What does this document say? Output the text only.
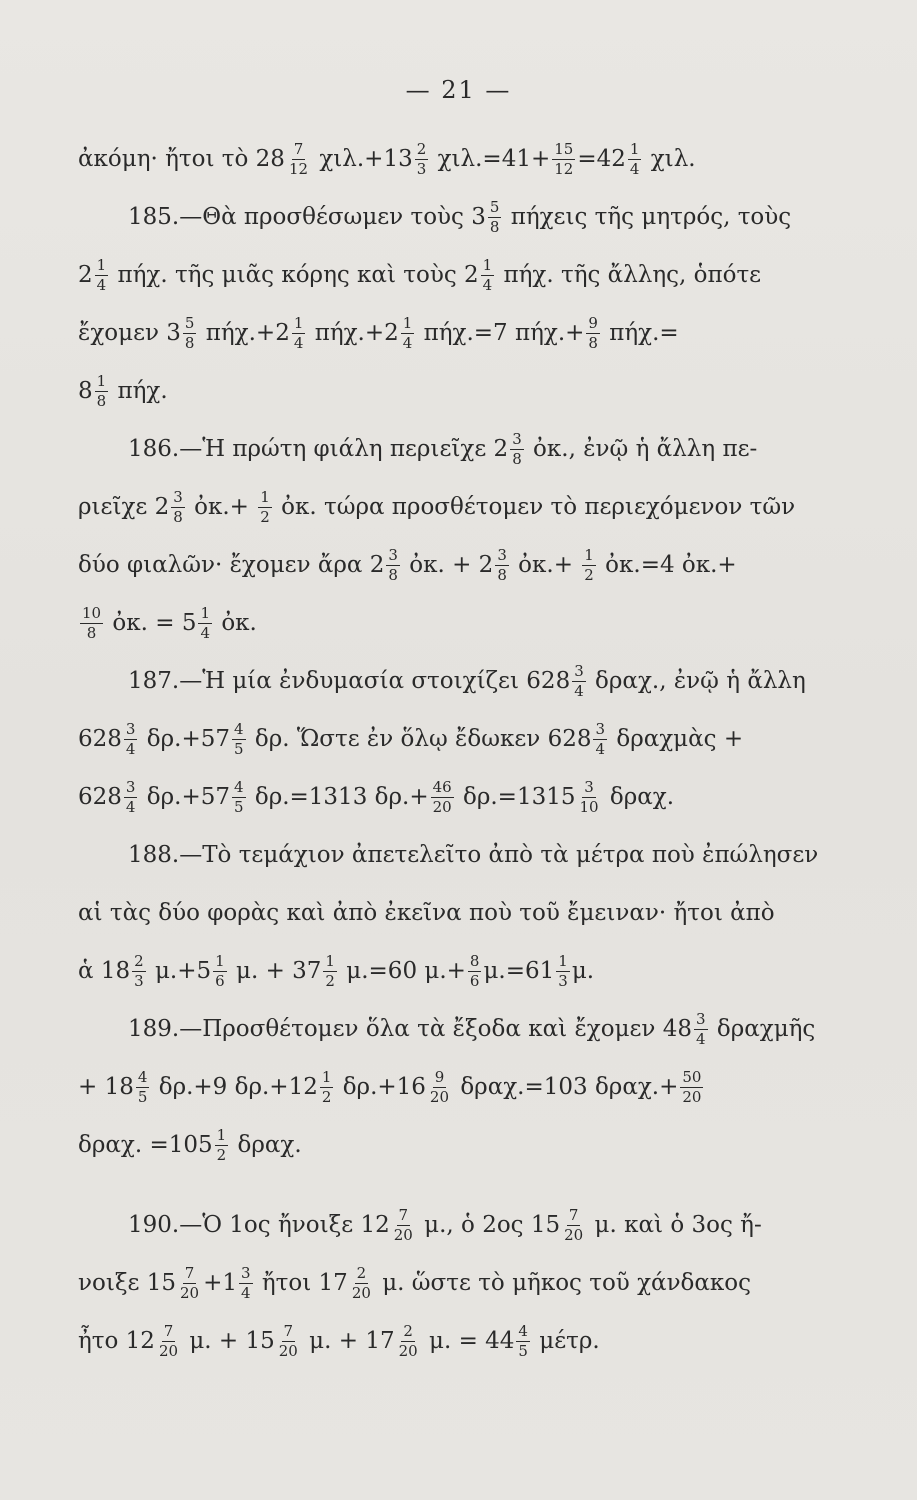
— 21 —
ἀκόμη· ἤτοι τὸ $28 \frac{7}{12} \chi\iota\lambda.+13 \frac{2}{3} \chi\iota\lambda.=41+ \frac{15}{12} =42 \frac{1}{4} \chi\iota\lambda$.
185.—Θὰ προσθέσωμεν τοὺς $3 \frac{5}{8}$ πήχεις τῆς μητρός, τοὺς
$2 \frac{1}{4} \pi ή\chi$. τῆς μιᾶς κόρης καὶ τοὺς $2 \frac{1}{4} \pi ή\chi$. τῆς ἄλλης, ὁπότε
ἔχομεν $3 \frac{5}{8} \pi ή\chi.+2 \frac{1}{4} \pi ή\chi.+2 \frac{1}{4} \pi ή\chi.=7$ $\pi ή\chi.+ \frac{9}{8} \pi ή\chi.=$
$8 \frac{1}{8} \pi ή\chi$.
186.—Ἡ πρώτη φιάλη περιεῖχε $2 \frac{3}{8}$ ὀκ., ἐνῷ ἡ ἄλλη πε-
ριεῖχε $2 \frac{3}{8}$ ὀκ.+ $\frac{1}{2}$ ὀκ. τώρα προσθέτομεν τὸ περιεχόμενον τῶν
δύο φιαλῶν· ἔχομεν ἄρα $2 \frac{3}{8}$ ὀκ. + $2 \frac{3}{8}$ ὀκ.+ $\frac{1}{2}$ ὀκ.=4 ὀκ.+
$\frac{10}{8}$ ὀκ. = $5 \frac{1}{4}$ ὀκ.
187.—Ἡ μία ἐνδυμασία στοιχίζει $628 \frac{3}{4} \delta\rho\alpha\chi$., ἐνῷ ἡ ἄλλη
$628 \frac{3}{4} \delta\rho.+57 \frac{4}{5} \delta\rho$. Ὥστε ἐν ὅλῳ ἔδωκεν $628 \frac{3}{4}$ δραχμὰς +
$628 \frac{3}{4} \delta\rho.+57 \frac{4}{5} \delta\rho.=1313$ $\delta\rho.+ \frac{46}{20} \delta\rho.=1315 \frac{3}{10} \delta\rho\alpha\chi$.
188.—Τὸ τεμάχιον ἀπετελεῖτο ἀπὸ τὰ μέτρα ποὺ ἐπώλησεν
αἱ τὰς δύο φορὰς καὶ ἀπὸ ἐκεῖνα ποὺ τοῦ ἔμειναν· ἤτοι ἀπὸ
ἁ $18 \frac{2}{3} \mu.+5 \frac{1}{6} \mu$. + $37 \frac{1}{2} \mu.=60$ $\mu.+ \frac{8}{6} \mu.=61 \frac{1}{3} \mu$.
189.—Προσθέτομεν ὅλα τὰ ἔξοδα καὶ ἔχομεν $48 \frac{3}{4}$ δραχμῆς
+ $18 \frac{4}{5} \delta\rho.+9$ $\delta\rho.+12 \frac{1}{2} \delta\rho.+16 \frac{9}{20} \delta\rho\alpha\chi.=103$ $\delta\rho\alpha\chi.+ \frac{50}{20}$
δραχ. $=105 \frac{1}{2} \delta\rho\alpha\chi$.
190.—Ὁ 1ος ἤνοιξε $12 \frac{7}{20} \mu$., ὁ 2ος $15 \frac{7}{20} \mu$. καὶ ὁ 3ος ἤ-
νοιξε $15 \frac{7}{20} +1 \frac{3}{4}$ ἤτοι $17 \frac{2}{20} \mu$. ὥστε τὸ μῆκος τοῦ χάνδακος
ἦτο $12 \frac{7}{20} \mu$. + $15 \frac{7}{20} \mu$. + $17 \frac{2}{20} \mu$. = $44 \frac{4}{5} \mu έ\tau\rho$.
